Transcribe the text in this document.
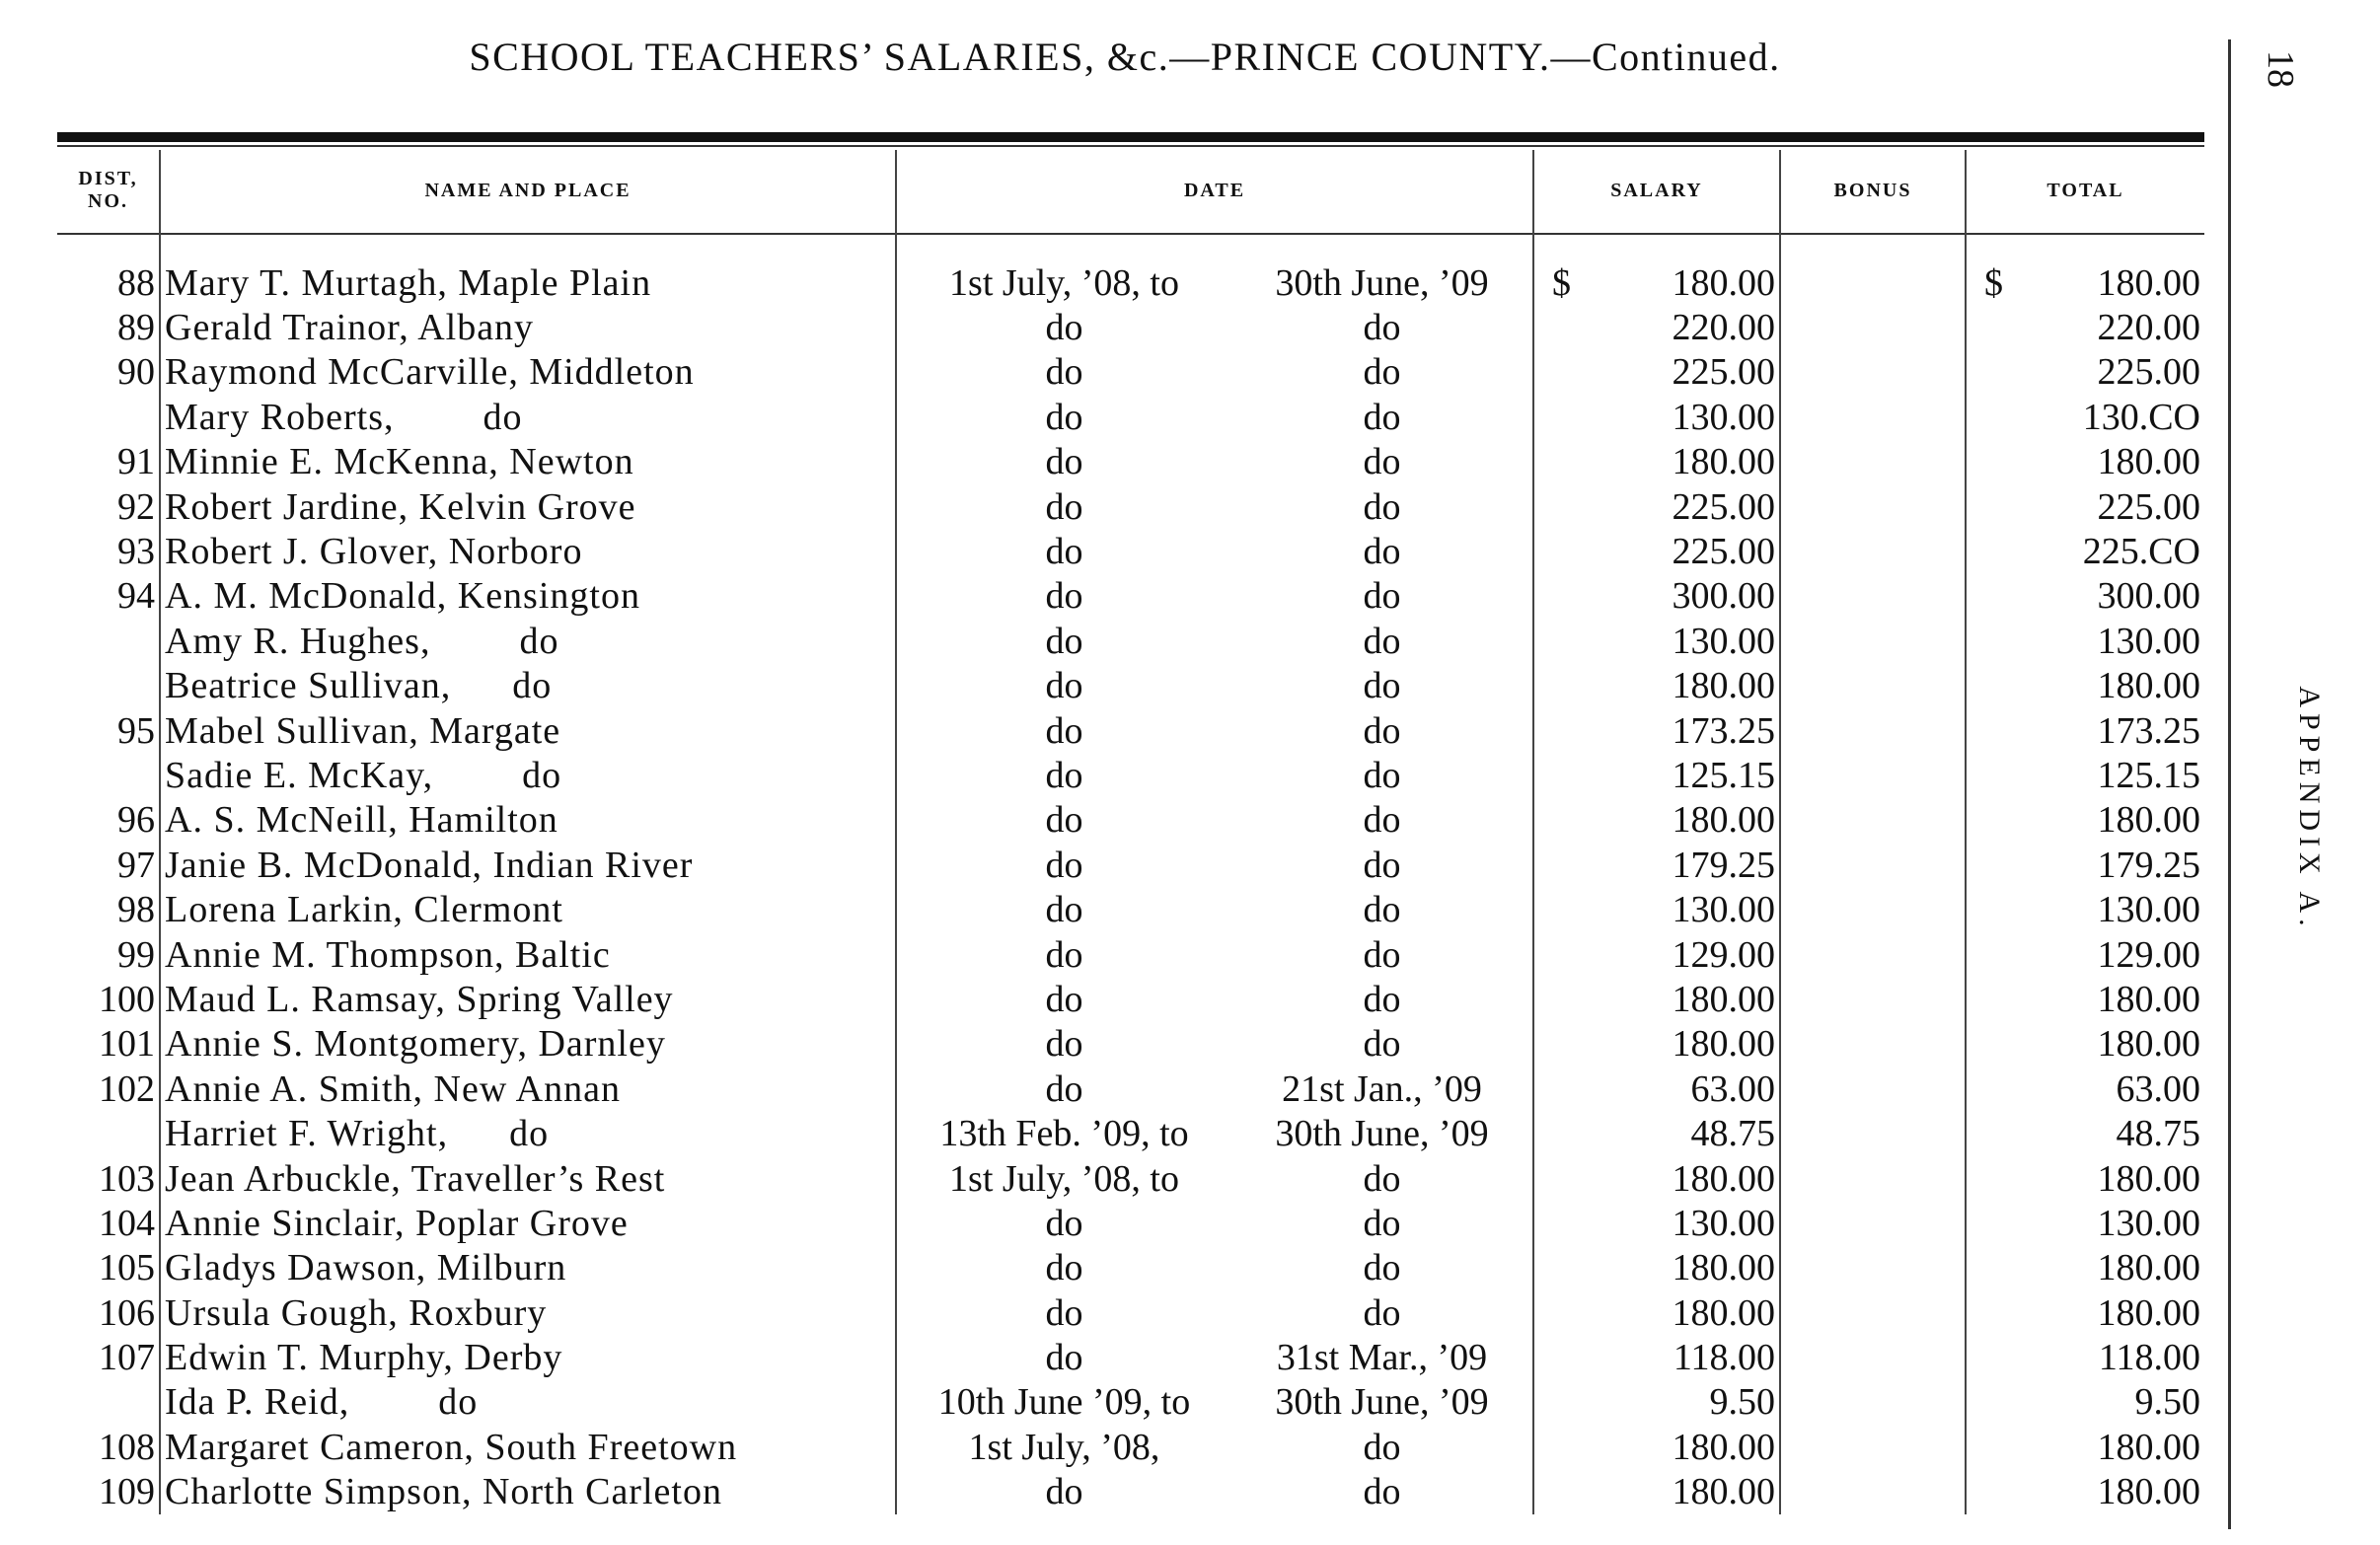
SCHOOL TEACHERS’ SALARIES, &c.—PRINCE COUNTY.—Continued.	18
APPENDIX A.
DIST, NO.	NAME AND PLACE	DATE		SALARY	BONUS	TOTAL
88	Mary T. Murtagh, Maple Plain	1st July, ’08, to	30th June, ’09	$ 180.00		$ 180.00
89	Gerald Trainor, Albany	do	do	220.00		220.00
90	Raymond McCarville, Middleton	do	do	225.00		225.00
	Mary Roberts, do	do	do	130.00		130.CO
91	Minnie E. McKenna, Newton	do	do	180.00		180.00
92	Robert Jardine, Kelvin Grove	do	do	225.00		225.00
93	Robert J. Glover, Norboro	do	do	225.00		225.CO
94	A. M. McDonald, Kensington	do	do	300.00		300.00
	Amy R. Hughes, do	do	do	130.00		130.00
	Beatrice Sullivan, do	do	do	180.00		180.00
95	Mabel Sullivan, Margate	do	do	173.25		173.25
	Sadie E. McKay, do	do	do	125.15		125.15
96	A. S. McNeill, Hamilton	do	do	180.00		180.00
97	Janie B. McDonald, Indian River	do	do	179.25		179.25
98	Lorena Larkin, Clermont	do	do	130.00		130.00
99	Annie M. Thompson, Baltic	do	do	129.00		129.00
100	Maud L. Ramsay, Spring Valley	do	do	180.00		180.00
101	Annie S. Montgomery, Darnley	do	do	180.00		180.00
102	Annie A. Smith, New Annan	do	21st Jan., ’09	63.00		63.00
	Harriet F. Wright, do	13th Feb. ’09, to	30th June, ’09	48.75		48.75
103	Jean Arbuckle, Traveller’s Rest	1st July, ’08, to	do	180.00		180.00
104	Annie Sinclair, Poplar Grove	do	do	130.00		130.00
105	Gladys Dawson, Milburn	do	do	180.00		180.00
106	Ursula Gough, Roxbury	do	do	180.00		180.00
107	Edwin T. Murphy, Derby	do	31st Mar., ’09	118.00		118.00
	Ida P. Reid, do	10th June ’09, to	30th June, ’09	9.50		9.50
108	Margaret Cameron, South Freetown	1st July, ’08,	do	180.00		180.00
109	Charlotte Simpson, North Carleton	do	do	180.00		180.00
